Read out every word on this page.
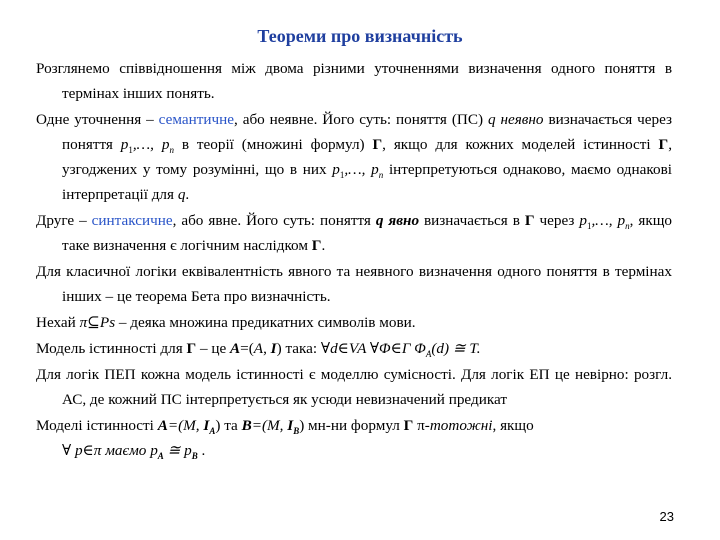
Теореми про визначність

Розглянемо співвідношення між двома різними уточненнями визначення одного поняття в термінах інших понять.

Одне уточнення – семантичне, або неявне. Його суть: поняття (ПС) q неявно визначається через поняття $p_1,\dots$, $p_n$ в теорії (множині формул) Γ, якщо для кожних моделей істинності Γ, узгоджених у тому розумінні, що в них $p_1,\dots$, $p_n$ інтерпретуються однаково, маємо однакові інтерпретації для q.

Друге – синтаксичне, або явне. Його суть: поняття q явно визначається в Γ через $p_1,\dots$, $p_n$, якщо таке визначення є логічним наслідком Γ.

Для класичної логіки еквівалентність явного та неявного визначення одного поняття в термінах інших – це теорема Бета про визначність.

Нехай π⊆Ps – деяка множина предикатних символів мови.

Модель істинності для Γ – це A=(A, I) така: ∀d∈VA ∀Φ∈Γ $\Phi_A(d)$ ≅ T.

Для логік ПЕП кожна модель істинності є моделлю сумісності. Для логік ЕП це невірно: розгл. АС, де кожний ПС інтерпретується як усюди невизначений предикат

Моделі істинності A=(M, $I_A$) та B=(M, $I_B$) мн-ни формул Γ π-тотожні, якщо
∀ p∈π маємо $p_A$ ≅ $p_B$ .

23
